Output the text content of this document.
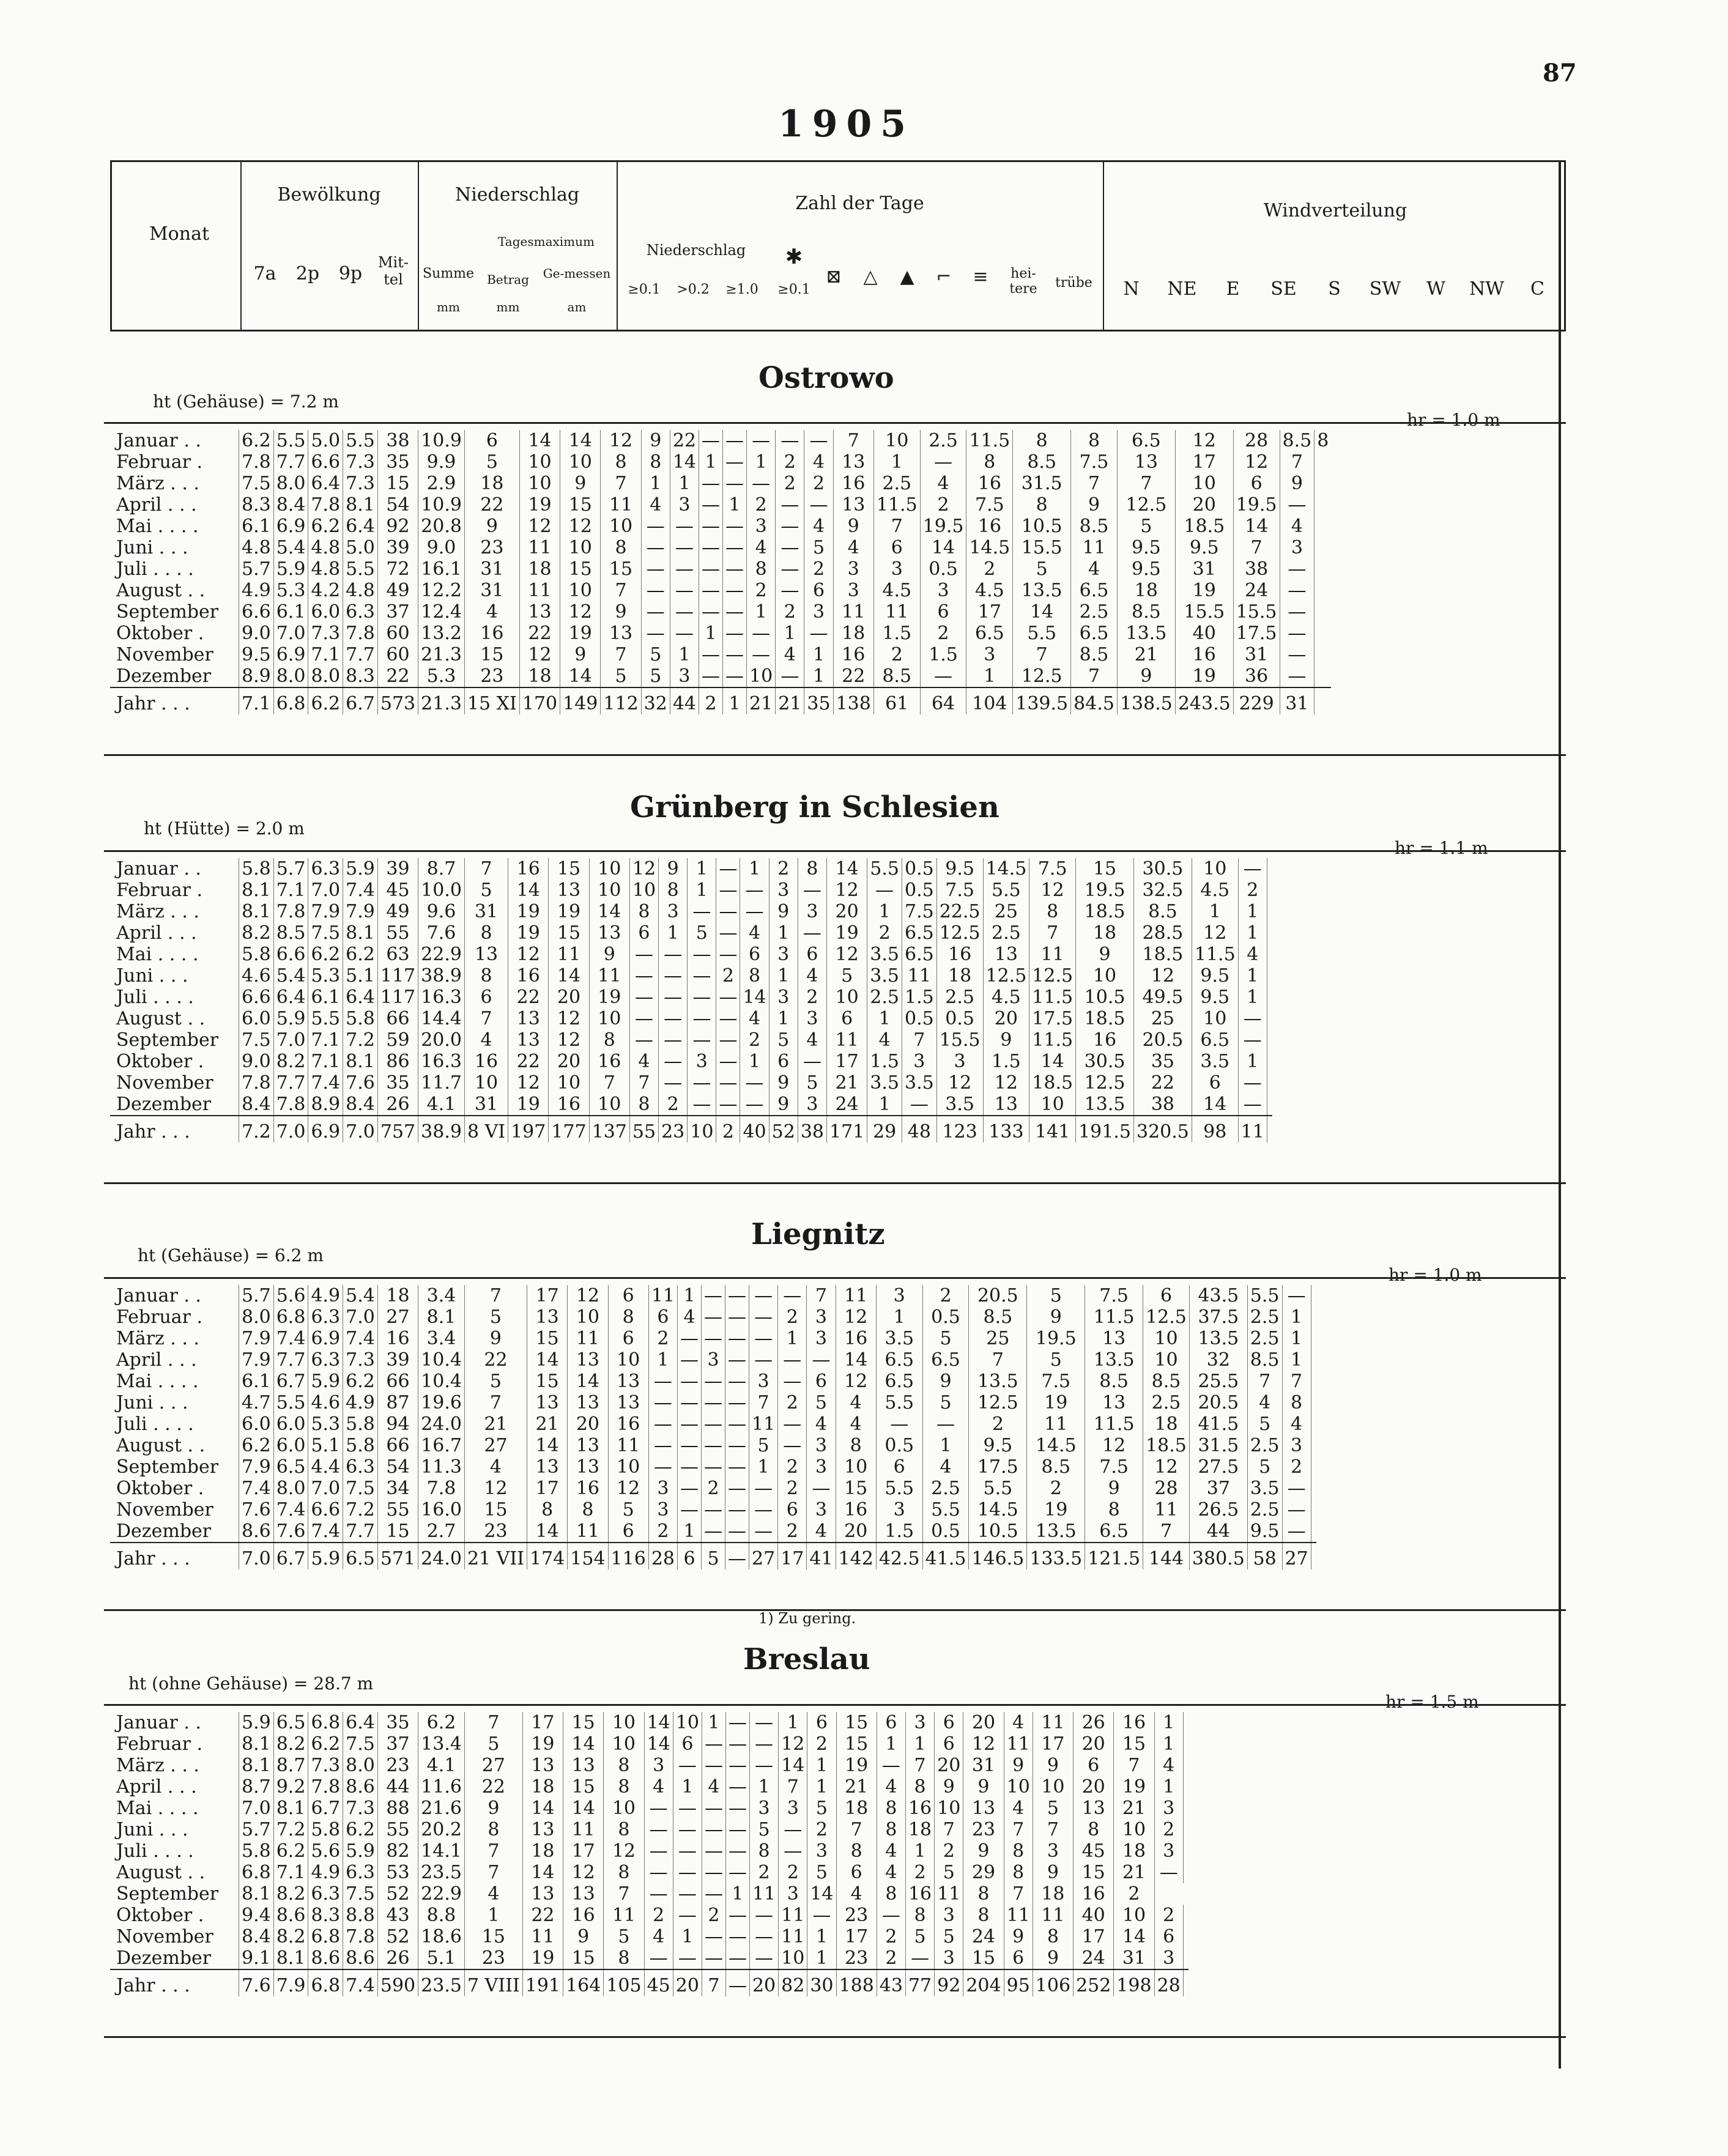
87
1905
Monat
Bewölkung
7a	2p	9p
Mit-tel
Niederschlag
Summe
mm
Tagesmaximum
Betrag
mm
Ge-messen
am
Zahl der Tage
Niederschlag
≥0.1	>0.2	≥1.0
✱
≥0.1
⊠	△	▲	⌐	≡	hei-tere	trübe
Windverteilung
N	NE	E	SE	S	SW	W	NW	C
Ostrowo
ht (Gehäuse) = 7.2 m
hr = 1.0 m
Januar . .	6.2	5.5	5.0	5.5	38	10.9	6	14	14	12	9	22	—	—	—	—	—	7	10	2.5	11.5	8	8	6.5	12	28	8.5	8
Februar .	7.8	7.7	6.6	7.3	35	9.9	5	10	10	8	8	14	1	—	1	2	4	13	1	—	8	8.5	7.5	13	17	12	7	
März . . .	7.5	8.0	6.4	7.3	15	2.9	18	10	9	7	1	1	—	—	—	2	2	16	2.5	4	16	31.5	7	7	10	6	9	
April . . .	8.3	8.4	7.8	8.1	54	10.9	22	19	15	11	4	3	—	1	2	—	—	13	11.5	2	7.5	8	9	12.5	20	19.5	—	
Mai . . . .	6.1	6.9	6.2	6.4	92	20.8	9	12	12	10	—	—	—	—	3	—	4	9	7	19.5	16	10.5	8.5	5	18.5	14	4	
Juni . . .	4.8	5.4	4.8	5.0	39	9.0	23	11	10	8	—	—	—	—	4	—	5	4	6	14	14.5	15.5	11	9.5	9.5	7	3	
Juli . . . .	5.7	5.9	4.8	5.5	72	16.1	31	18	15	15	—	—	—	—	8	—	2	3	3	0.5	2	5	4	9.5	31	38	—	
August . .	4.9	5.3	4.2	4.8	49	12.2	31	11	10	7	—	—	—	—	2	—	6	3	4.5	3	4.5	13.5	6.5	18	19	24	—	
September	6.6	6.1	6.0	6.3	37	12.4	4	13	12	9	—	—	—	—	1	2	3	11	11	6	17	14	2.5	8.5	15.5	15.5	—	
Oktober .	9.0	7.0	7.3	7.8	60	13.2	16	22	19	13	—	—	1	—	—	1	—	18	1.5	2	6.5	5.5	6.5	13.5	40	17.5	—	
November	9.5	6.9	7.1	7.7	60	21.3	15	12	9	7	5	1	—	—	—	4	1	16	2	1.5	3	7	8.5	21	16	31	—	
Dezember	8.9	8.0	8.0	8.3	22	5.3	23	18	14	5	5	3	—	—	10	—	1	22	8.5	—	1	12.5	7	9	19	36	—	
Jahr . . .	7.1	6.8	6.2	6.7	573	21.3	15 XI	170	149	112	32	44	2	1	21	21	35	138	61	64	104	139.5	84.5	138.5	243.5	229	31	
Grünberg in Schlesien
ht (Hütte) = 2.0 m
hr = 1.1 m
Januar . .	5.8	5.7	6.3	5.9	39	8.7	7	16	15	10	12	9	1	—	1	2	8	14	5.5	0.5	9.5	14.5	7.5	15	30.5	10	—	
Februar .	8.1	7.1	7.0	7.4	45	10.0	5	14	13	10	10	8	1	—	—	3	—	12	—	0.5	7.5	5.5	12	19.5	32.5	4.5	2	
März . . .	8.1	7.8	7.9	7.9	49	9.6	31	19	19	14	8	3	—	—	—	9	3	20	1	7.5	22.5	25	8	18.5	8.5	1	1	
April . . .	8.2	8.5	7.5	8.1	55	7.6	8	19	15	13	6	1	5	—	4	1	—	19	2	6.5	12.5	2.5	7	18	28.5	12	1	
Mai . . . .	5.8	6.6	6.2	6.2	63	22.9	13	12	11	9	—	—	—	—	6	3	6	12	3.5	6.5	16	13	11	9	18.5	11.5	4	
Juni . . .	4.6	5.4	5.3	5.1	117	38.9	8	16	14	11	—	—	—	2	8	1	4	5	3.5	11	18	12.5	12.5	10	12	9.5	1	
Juli . . . .	6.6	6.4	6.1	6.4	117	16.3	6	22	20	19	—	—	—	—	14	3	2	10	2.5	1.5	2.5	4.5	11.5	10.5	49.5	9.5	1	
August . .	6.0	5.9	5.5	5.8	66	14.4	7	13	12	10	—	—	—	—	4	1	3	6	1	0.5	0.5	20	17.5	18.5	25	10	—	
September	7.5	7.0	7.1	7.2	59	20.0	4	13	12	8	—	—	—	—	2	5	4	11	4	7	15.5	9	11.5	16	20.5	6.5	—	
Oktober .	9.0	8.2	7.1	8.1	86	16.3	16	22	20	16	4	—	3	—	1	6	—	17	1.5	3	3	1.5	14	30.5	35	3.5	1	
November	7.8	7.7	7.4	7.6	35	11.7	10	12	10	7	7	—	—	—	—	9	5	21	3.5	3.5	12	12	18.5	12.5	22	6	—	
Dezember	8.4	7.8	8.9	8.4	26	4.1	31	19	16	10	8	2	—	—	—	9	3	24	1	—	3.5	13	10	13.5	38	14	—	
Jahr . . .	7.2	7.0	6.9	7.0	757	38.9	8 VI	197	177	137	55	23	10	2	40	52	38	171	29	48	123	133	141	191.5	320.5	98	11	
Liegnitz
ht (Gehäuse) = 6.2 m
hr = 1.0 m
Januar . .	5.7	5.6	4.9	5.4	18	3.4	7	17	12	6	11	1	—	—	—	—	7	11	3	2	20.5	5	7.5	6	43.5	5.5	—	
Februar .	8.0	6.8	6.3	7.0	27	8.1	5	13	10	8	6	4	—	—	—	2	3	12	1	0.5	8.5	9	11.5	12.5	37.5	2.5	1	
März . . .	7.9	7.4	6.9	7.4	16	3.4	9	15	11	6	2	—	—	—	—	1	3	16	3.5	5	25	19.5	13	10	13.5	2.5	1	
April . . .	7.9	7.7	6.3	7.3	39	10.4	22	14	13	10	1	—	3	—	—	—	—	14	6.5	6.5	7	5	13.5	10	32	8.5	1	
Mai . . . .	6.1	6.7	5.9	6.2	66	10.4	5	15	14	13	—	—	—	—	3	—	6	12	6.5	9	13.5	7.5	8.5	8.5	25.5	7	7	
Juni . . .	4.7	5.5	4.6	4.9	87	19.6	7	13	13	13	—	—	—	—	7	2	5	4	5.5	5	12.5	19	13	2.5	20.5	4	8	
Juli . . . .	6.0	6.0	5.3	5.8	94	24.0	21	21	20	16	—	—	—	—	11	—	4	4	—	—	2	11	11.5	18	41.5	5	4	
August . .	6.2	6.0	5.1	5.8	66	16.7	27	14	13	11	—	—	—	—	5	—	3	8	0.5	1	9.5	14.5	12	18.5	31.5	2.5	3	
September	7.9	6.5	4.4	6.3	54	11.3	4	13	13	10	—	—	—	—	1	2	3	10	6	4	17.5	8.5	7.5	12	27.5	5	2	
Oktober .	7.4	8.0	7.0	7.5	34	7.8	12	17	16	12	3	—	2	—	—	2	—	15	5.5	2.5	5.5	2	9	28	37	3.5	—	
November	7.6	7.4	6.6	7.2	55	16.0	15	8	8	5	3	—	—	—	—	6	3	16	3	5.5	14.5	19	8	11	26.5	2.5	—	
Dezember	8.6	7.6	7.4	7.7	15	2.7	23	14	11	6	2	1	—	—	—	2	4	20	1.5	0.5	10.5	13.5	6.5	7	44	9.5	—	
Jahr . . .	7.0	6.7	5.9	6.5	571	24.0	21 VII	174	154	116	28	6	5	—	27	17	41	142	42.5	41.5	146.5	133.5	121.5	144	380.5	58	27	
1) Zu gering.
Breslau
ht (ohne Gehäuse) = 28.7 m
hr = 1.5 m
Januar . .	5.9	6.5	6.8	6.4	35	6.2	7	17	15	10	14	10	1	—	—	1	6	15	6	3	6	20	4	11	26	16	1	
Februar .	8.1	8.2	6.2	7.5	37	13.4	5	19	14	10	14	6	—	—	—	12	2	15	1	1	6	12	11	17	20	15	1	
März . . .	8.1	8.7	7.3	8.0	23	4.1	27	13	13	8	3	—	—	—	—	14	1	19	—	7	20	31	9	9	6	7	4	
April . . .	8.7	9.2	7.8	8.6	44	11.6	22	18	15	8	4	1	4	—	1	7	1	21	4	8	9	9	10	10	20	19	1	
Mai . . . .	7.0	8.1	6.7	7.3	88	21.6	9	14	14	10	—	—	—	—	3	3	5	18	8	16	10	13	4	5	13	21	3	
Juni . . .	5.7	7.2	5.8	6.2	55	20.2	8	13	11	8	—	—	—	—	5	—	2	7	8	18	7	23	7	7	8	10	2	
Juli . . . .	5.8	6.2	5.6	5.9	82	14.1	7	18	17	12	—	—	—	—	8	—	3	8	4	1	2	9	8	3	45	18	3	
August . .	6.8	7.1	4.9	6.3	53	23.5	7	14	12	8	—	—	—	—	2	2	5	6	4	2	5	29	8	9	15	21	—	
September	8.1	8.2	6.3	7.5	52	22.9	4	13	13	7	—	—	—	1	11	3	14	4	8	16	11	8	7	18	16	2		
Oktober .	9.4	8.6	8.3	8.8	43	8.8	1	22	16	11	2	—	2	—	—	11	—	23	—	8	3	8	11	11	40	10	2	
November	8.4	8.2	6.8	7.8	52	18.6	15	11	9	5	4	1	—	—	—	11	1	17	2	5	5	24	9	8	17	14	6	
Dezember	9.1	8.1	8.6	8.6	26	5.1	23	19	15	8	—	—	—	—	—	10	1	23	2	—	3	15	6	9	24	31	3	
Jahr . . .	7.6	7.9	6.8	7.4	590	23.5	7 VIII	191	164	105	45	20	7	—	20	82	30	188	43	77	92	204	95	106	252	198	28	
